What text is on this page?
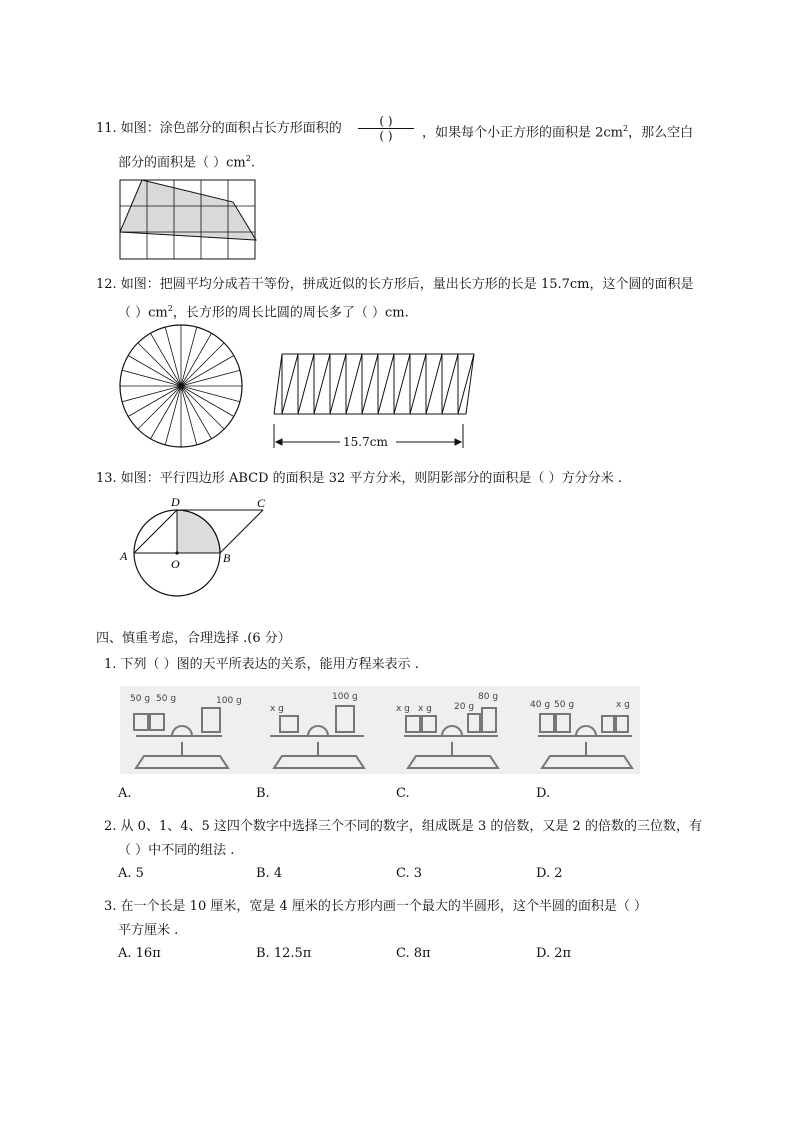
11. 如图：涂色部分的面积占长方形面积的	( )
( )	，如果每个小正方形的面积是 $2cm^2$，那么空白
部分的面积是（ ）$cm^2$.
12. 如图：把圆平均分成若干等份，拼成近似的长方形后，量出长方形的长是 15.7cm，这个圆的面积是
（ ）$cm^2$，长方形的周长比圆的周长多了（ ）cm.
15.7cm
13. 如图：平行四边形 ABCD 的面积是 32 平方分米，则阴影部分的面积是（ ）方分分米 .
D	C
A	B
O
四、慎重考虑，合理选择 .(6 分）
1. 下列（ ）图的天平所表达的关系，能用方程来表示 .
50 g 50 g	100 g
x g
100 g
x g x g 20 g
80 g
40 g 50 g	x g
A.	B.	C.	D.
2. 从 0、1、4、5 这四个数字中选择三个不同的数字，组成既是 3 的倍数，又是 2 的倍数的三位数，有
（ ）中不同的组法 .
A. 5	B. 4	C. 3	D. 2
3. 在一个长是 10 厘米，宽是 4 厘米的长方形内画一个最大的半圆形，这个半圆的面积是（ ）
平方厘米 .
A. 16π	B. 12.5π	C. 8π	D. 2π
